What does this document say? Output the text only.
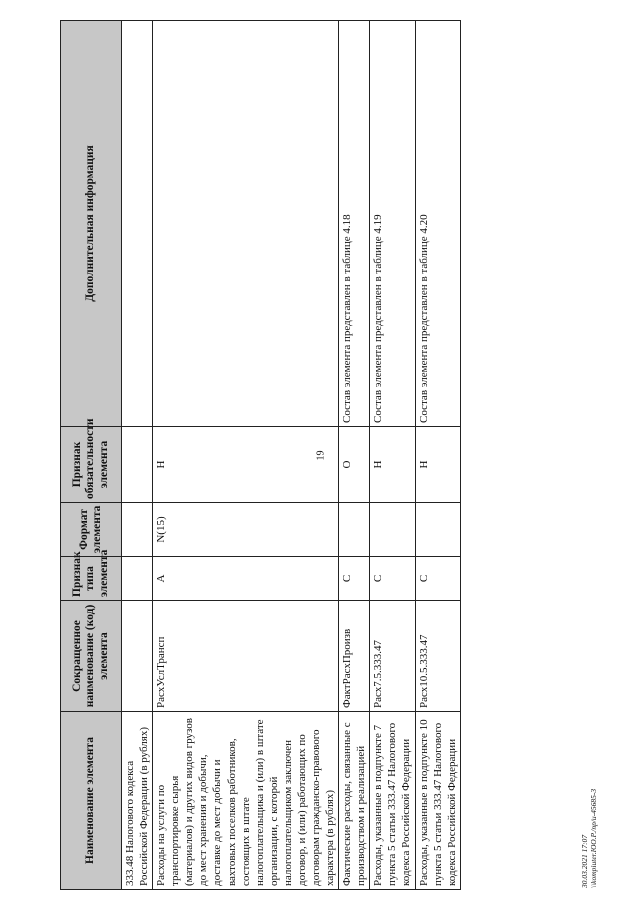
19
Наименование элемента	Сокращенное наименование (код) элемента	Признак типа элемента	Формат элемента	Признак обязательности элемента	Дополнительная информация
333.48 Налогового кодекса Российской Федерации (в рублях)					
Расходы на услуги по транспортировке сырья (материалов) и других видов грузов до мест хранения и добычи, доставке до мест добычи и вахтовых поселков работников, состоящих в штате налогоплательщика и (или) в штате организации, с которой налогоплательщиком заключен договор, и (или) работающих по договорам гражданско-правового характера (в рублях)	РасхУслТрансп	А	N(15)	Н	
Фактические расходы, связанные с производством и реализацией	ФактРасхПроизв	С		О	Состав элемента представлен в таблице 4.18
Расходы, указанные в подпункте 7 пункта 5 статьи 333.47 Налогового кодекса Российской Федерации	Расх7.5.333.47	С		Н	Состав элемента представлен в таблице 4.19
Расходы, указанные в подпункте 10 пункта 5 статьи 333.47 Налогового кодекса Российской Федерации	Расх10.5.333.47	С		Н	Состав элемента представлен в таблице 4.20
30.03.2021 17:07 \\kompiuter.ЮО.Р./пр/и-45685-3
